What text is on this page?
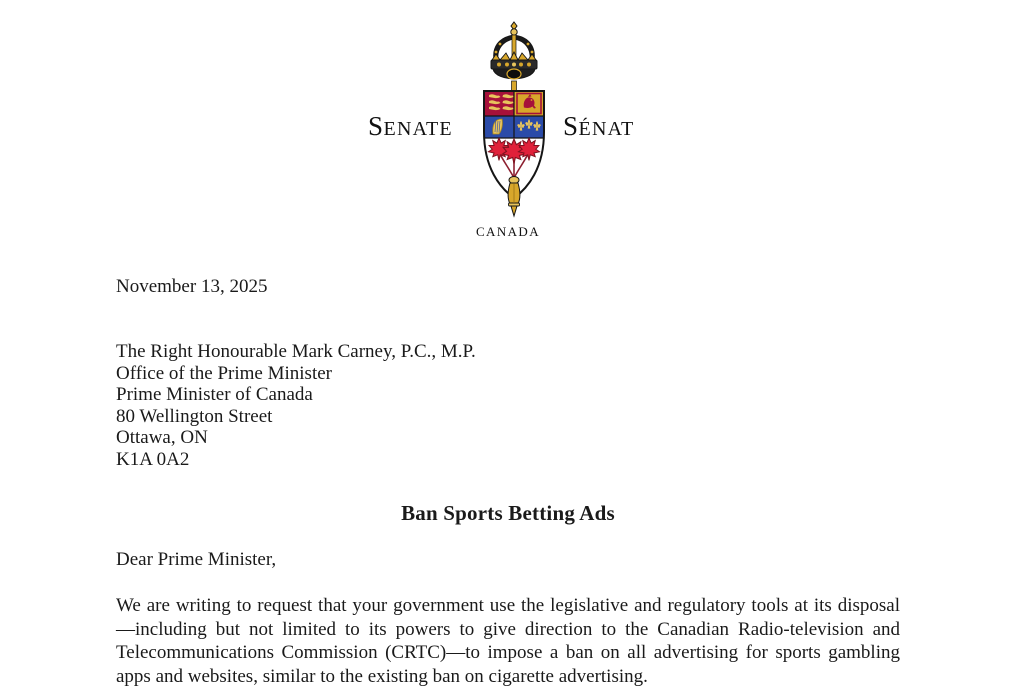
SENATE	SÉNAT
CANADA
November 13, 2025
The Right Honourable Mark Carney, P.C., M.P.
Office of the Prime Minister
Prime Minister of Canada
80 Wellington Street
Ottawa, ON
K1A 0A2
Ban Sports Betting Ads
Dear Prime Minister,
We are writing to request that your government use the legislative and regulatory tools at its disposal—including but not limited to its powers to give direction to the Canadian Radio-television and Telecommunications Commission (CRTC)—to impose a ban on all advertising for sports gambling apps and websites, similar to the existing ban on cigarette advertising.
